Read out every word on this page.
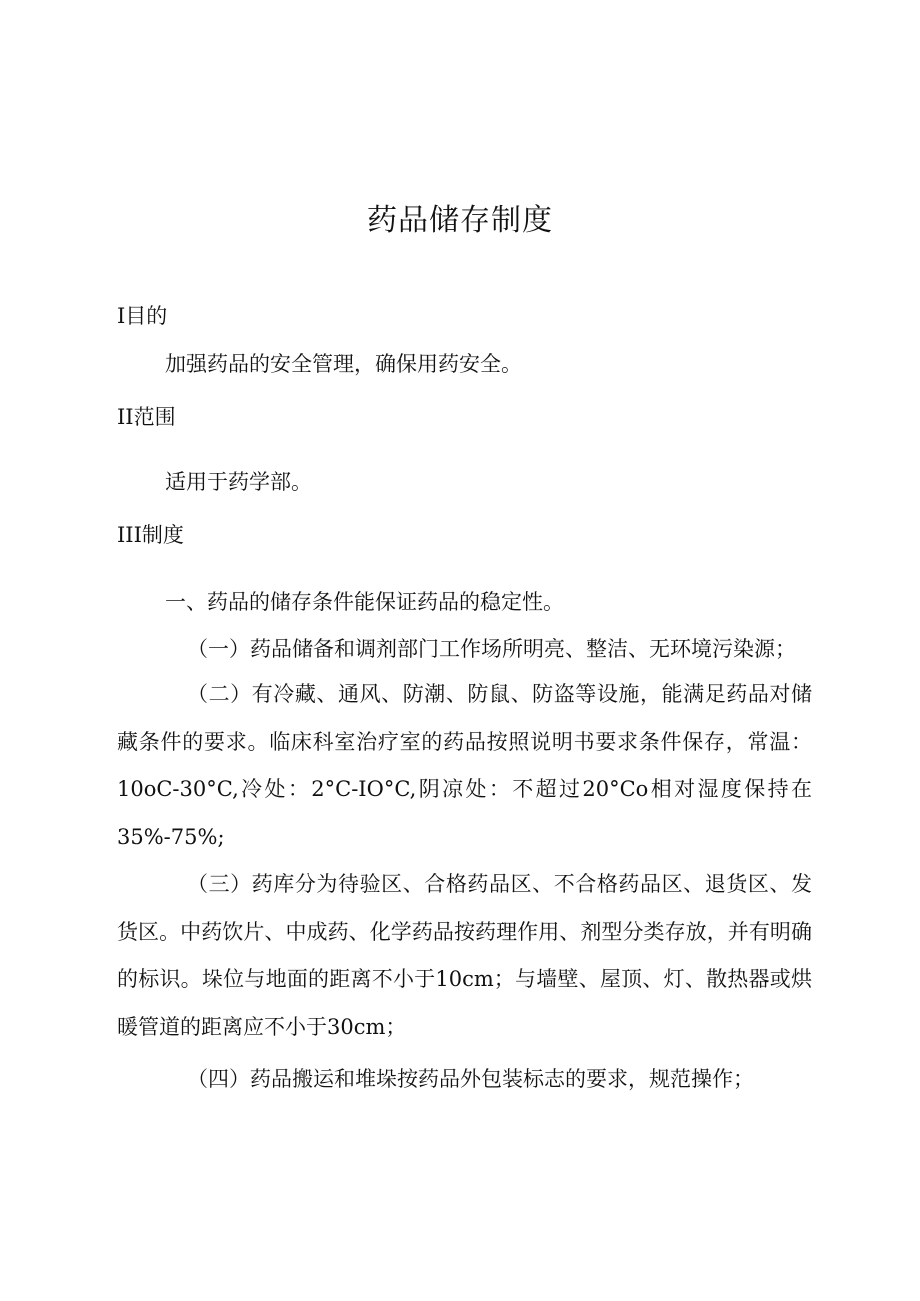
药品储存制度
I目的
加强药品的安全管理，确保用药安全。
II范围
适用于药学部。
III制度
一、药品的储存条件能保证药品的稳定性。
（一）药品储备和调剂部门工作场所明亮、整洁、无环境污染源；
（二）有冷藏、通风、防潮、防鼠、防盗等设施，能满足药品对储藏条件的要求。临床科室治疗室的药品按照说明书要求条件保存，常温：10oC-30°C,冷处：2°C-IO°C,阴凉处：不超过20°Co相对湿度保持在35%-75%;
（三）药库分为待验区、合格药品区、不合格药品区、退货区、发货区。中药饮片、中成药、化学药品按药理作用、剂型分类存放，并有明确的标识。垛位与地面的距离不小于10cm；与墙壁、屋顶、灯、散热器或烘暖管道的距离应不小于30cm；
（四）药品搬运和堆垛按药品外包装标志的要求，规范操作；
